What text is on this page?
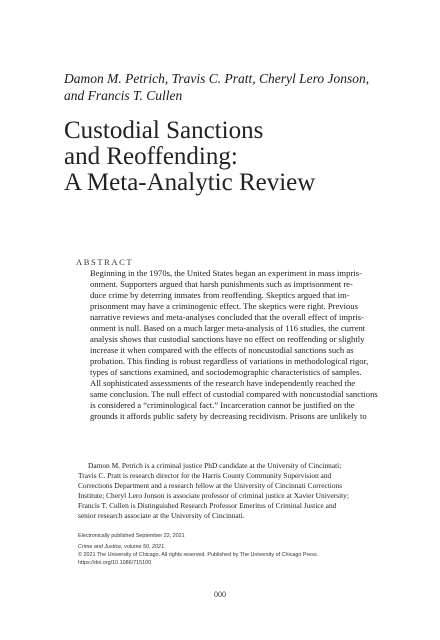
Damon M. Petrich, Travis C. Pratt, Cheryl Lero Jonson,
and Francis T. Cullen
Custodial Sanctions
and Reoffending:
A Meta-Analytic Review
ABSTRACT
Beginning in the 1970s, the United States began an experiment in mass impris-
onment. Supporters argued that harsh punishments such as imprisonment re-
duce crime by deterring inmates from reoffending. Skeptics argued that im-
prisonment may have a criminogenic effect. The skeptics were right. Previous
narrative reviews and meta-analyses concluded that the overall effect of impris-
onment is null. Based on a much larger meta-analysis of 116 studies, the current
analysis shows that custodial sanctions have no effect on reoffending or slightly
increase it when compared with the effects of noncustodial sanctions such as
probation. This finding is robust regardless of variations in methodological rigor,
types of sanctions examined, and sociodemographic characteristics of samples.
All sophisticated assessments of the research have independently reached the
same conclusion. The null effect of custodial compared with noncustodial sanctions
is considered a “criminological fact.” Incarceration cannot be justified on the
grounds it affords public safety by decreasing recidivism. Prisons are unlikely to
Damon M. Petrich is a criminal justice PhD candidate at the University of Cincinnati;
Travis C. Pratt is research director for the Harris County Community Supervision and
Corrections Department and a research fellow at the University of Cincinnati Corrections
Institute; Cheryl Lero Jonson is associate professor of criminal justice at Xavier University;
Francis T. Cullen is Distinguished Research Professor Emeritus of Criminal Justice and
senior research associate at the University of Cincinnati.
Electronically published September 22, 2021
Crime and Justice, volume 50, 2021.
© 2021 The University of Chicago. All rights reserved. Published by The University of Chicago Press.
https://doi.org/10.1086/715100
000
